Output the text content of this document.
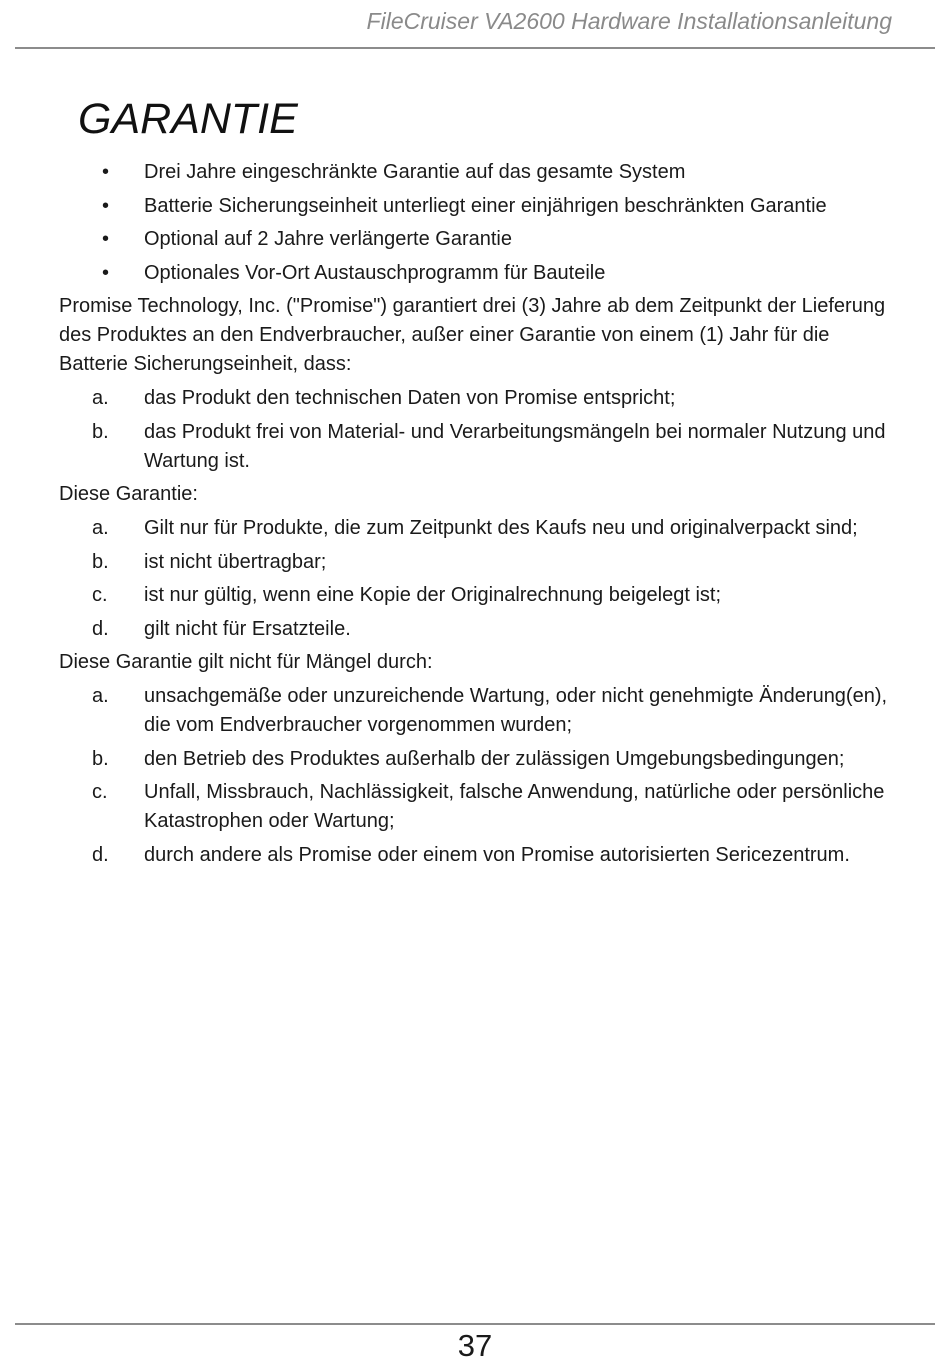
FileCruiser VA2600 Hardware Installationsanleitung
GARANTIE
• Drei Jahre eingeschränkte Garantie auf das gesamte System
• Batterie Sicherungseinheit unterliegt einer einjährigen beschränkten Garantie
• Optional auf 2 Jahre verlängerte Garantie
• Optionales Vor-Ort Austauschprogramm für Bauteile

Promise Technology, Inc. ("Promise") garantiert drei (3) Jahre ab dem Zeitpunkt der Lieferung des Produktes an den Endverbraucher, außer einer Garantie von einem (1) Jahr für die Batterie Sicherungseinheit, dass:

a. das Produkt den technischen Daten von Promise entspricht;
b. das Produkt frei von Material- und Verarbeitungsmängeln bei normaler Nutzung und Wartung ist.

Diese Garantie:

a. Gilt nur für Produkte, die zum Zeitpunkt des Kaufs neu und originalverpackt sind;
b. ist nicht übertragbar;
c. ist nur gültig, wenn eine Kopie der Originalrechnung beigelegt ist;
d. gilt nicht für Ersatzteile.

Diese Garantie gilt nicht für Mängel durch:

a. unsachgemäße oder unzureichende Wartung, oder nicht genehmigte Änderung(en), die vom Endverbraucher vorgenommen wurden;
b. den Betrieb des Produktes außerhalb der zulässigen Umgebungsbedingungen;
c. Unfall, Missbrauch, Nachlässigkeit, falsche Anwendung, natürliche oder persönliche Katastrophen oder Wartung;
d. durch andere als Promise oder einem von Promise autorisierten Sericezentrum.
37
